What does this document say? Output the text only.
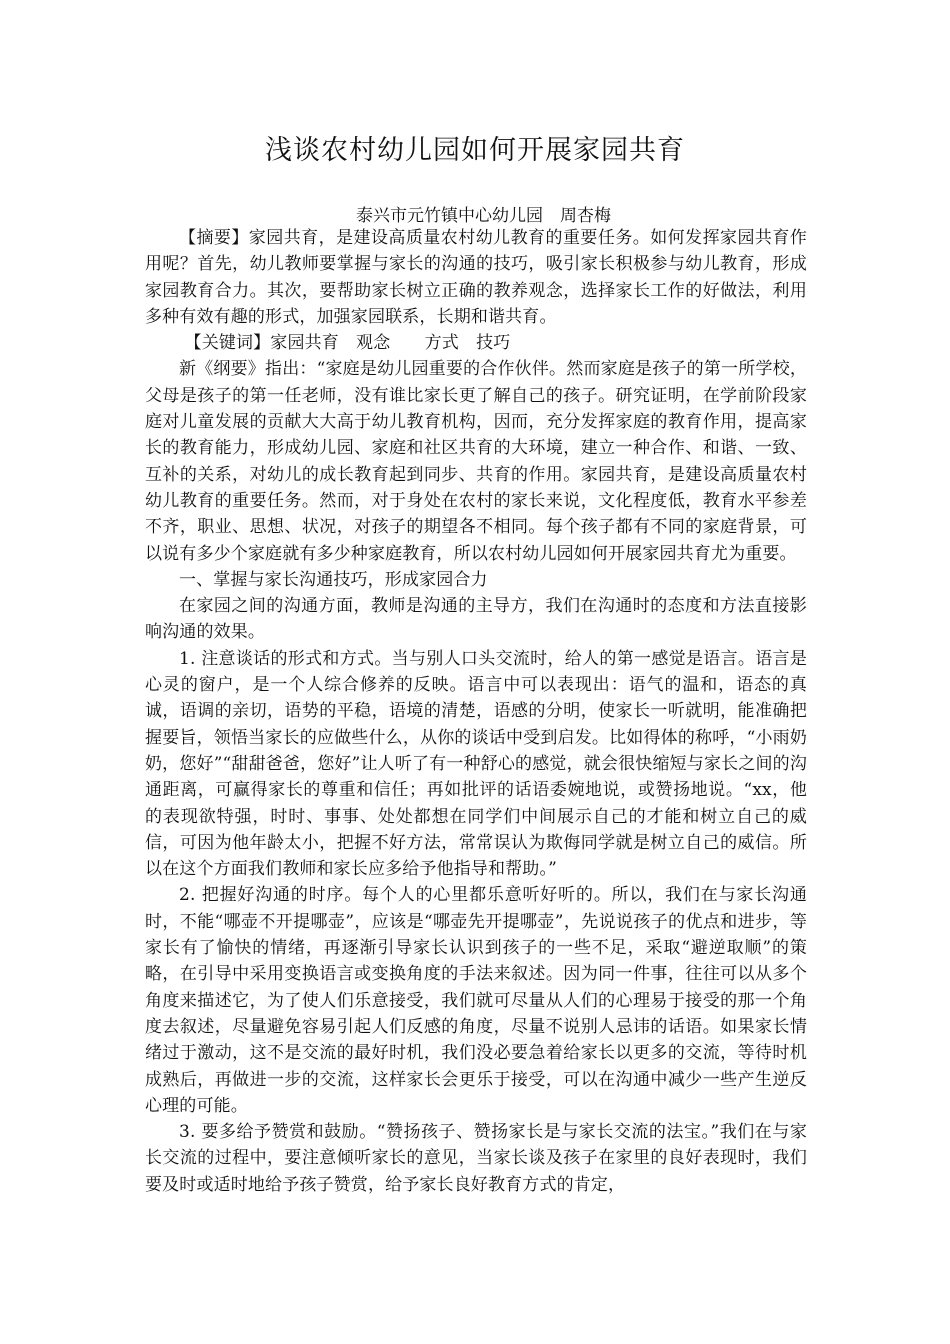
浅谈农村幼儿园如何开展家园共育
泰兴市元竹镇中心幼儿园　周杏梅

【摘要】家园共育，是建设高质量农村幼儿教育的重要任务。如何发挥家园共育作用呢？首先，幼儿教师要掌握与家长的沟通的技巧，吸引家长积极参与幼儿教育，形成家园教育合力。其次，要帮助家长树立正确的教养观念，选择家长工作的好做法，利用多种有效有趣的形式，加强家园联系，长期和谐共育。

【关键词】家园共育　观念　　方式　技巧

新《纲要》指出：“家庭是幼儿园重要的合作伙伴。然而家庭是孩子的第一所学校，父母是孩子的第一任老师，没有谁比家长更了解自己的孩子。研究证明，在学前阶段家庭对儿童发展的贡献大大高于幼儿教育机构，因而，充分发挥家庭的教育作用，提高家长的教育能力，形成幼儿园、家庭和社区共育的大环境，建立一种合作、和谐、一致、互补的关系，对幼儿的成长教育起到同步、共育的作用。家园共育，是建设高质量农村幼儿教育的重要任务。然而，对于身处在农村的家长来说，文化程度低，教育水平参差不齐，职业、思想、状况，对孩子的期望各不相同。每个孩子都有不同的家庭背景，可以说有多少个家庭就有多少种家庭教育，所以农村幼儿园如何开展家园共育尤为重要。

一、掌握与家长沟通技巧，形成家园合力

在家园之间的沟通方面，教师是沟通的主导方，我们在沟通时的态度和方法直接影响沟通的效果。

1. 注意谈话的形式和方式。当与别人口头交流时，给人的第一感觉是语言。语言是心灵的窗户，是一个人综合修养的反映。语言中可以表现出：语气的温和，语态的真诚，语调的亲切，语势的平稳，语境的清楚，语感的分明，使家长一听就明，能准确把握要旨，领悟当家长的应做些什么，从你的谈话中受到启发。比如得体的称呼，“小雨奶奶，您好”“甜甜爸爸，您好”让人听了有一种舒心的感觉，就会很快缩短与家长之间的沟通距离，可赢得家长的尊重和信任；再如批评的话语委婉地说，或赞扬地说。“xx，他的表现欲特强，时时、事事、处处都想在同学们中间展示自己的才能和树立自己的威信，可因为他年龄太小，把握不好方法，常常误认为欺侮同学就是树立自己的威信。所以在这个方面我们教师和家长应多给予他指导和帮助。”

2. 把握好沟通的时序。每个人的心里都乐意听好听的。所以，我们在与家长沟通时，不能“哪壶不开提哪壶”，应该是“哪壶先开提哪壶”，先说说孩子的优点和进步，等家长有了愉快的情绪，再逐渐引导家长认识到孩子的一些不足，采取“避逆取顺”的策略，在引导中采用变换语言或变换角度的手法来叙述。因为同一件事，往往可以从多个角度来描述它，为了使人们乐意接受，我们就可尽量从人们的心理易于接受的那一个角度去叙述，尽量避免容易引起人们反感的角度，尽量不说别人忌讳的话语。如果家长情绪过于激动，这不是交流的最好时机，我们没必要急着给家长以更多的交流，等待时机成熟后，再做进一步的交流，这样家长会更乐于接受，可以在沟通中减少一些产生逆反心理的可能。

3. 要多给予赞赏和鼓励。“赞扬孩子、赞扬家长是与家长交流的法宝。”我们在与家长交流的过程中，要注意倾听家长的意见，当家长谈及孩子在家里的良好表现时，我们要及时或适时地给予孩子赞赏，给予家长良好教育方式的肯定，
